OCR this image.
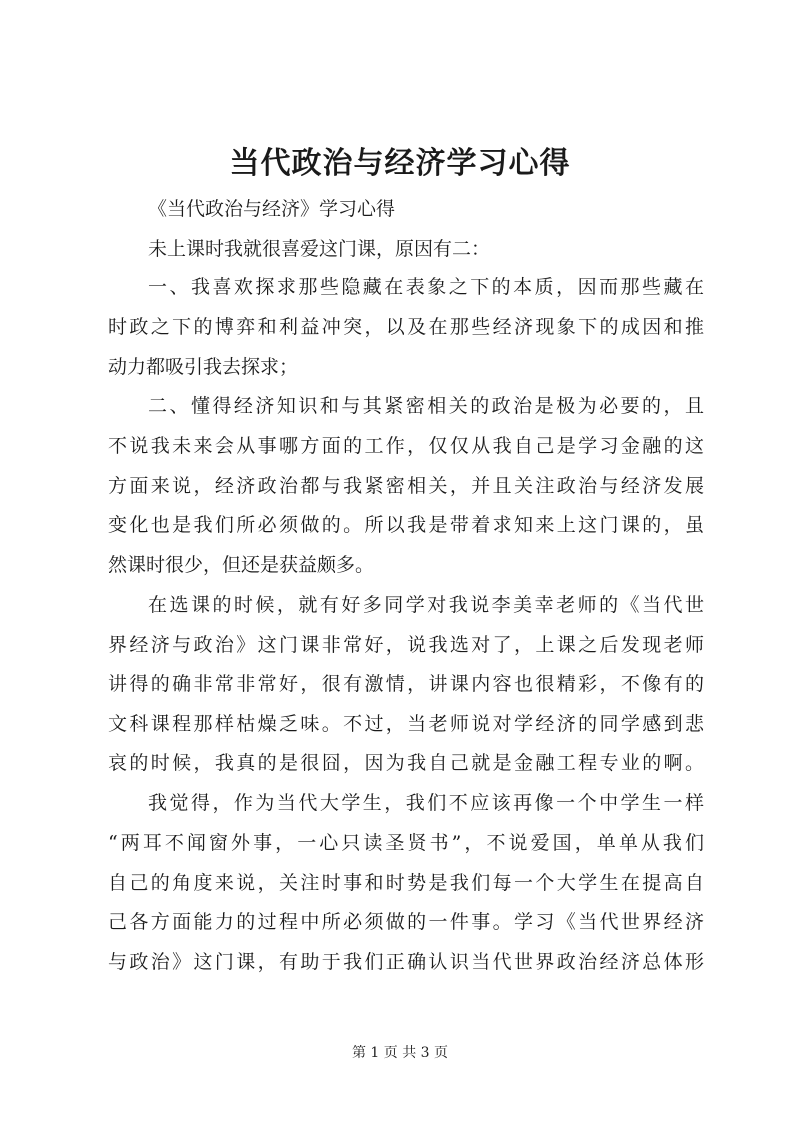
当代政治与经济学习心得
《当代政治与经济》学习心得
未上课时我就很喜爱这门课，原因有二：
一、我喜欢探求那些隐藏在表象之下的本质，因而那些藏在
时政之下的博弈和利益冲突，以及在那些经济现象下的成因和推
动力都吸引我去探求；
二、懂得经济知识和与其紧密相关的政治是极为必要的，且
不说我未来会从事哪方面的工作，仅仅从我自己是学习金融的这
方面来说，经济政治都与我紧密相关，并且关注政治与经济发展
变化也是我们所必须做的。所以我是带着求知来上这门课的，虽
然课时很少，但还是获益颇多。
在选课的时候，就有好多同学对我说李美幸老师的《当代世
界经济与政治》这门课非常好，说我选对了，上课之后发现老师
讲得的确非常非常好，很有激情，讲课内容也很精彩，不像有的
文科课程那样枯燥乏味。不过，当老师说对学经济的同学感到悲
哀的时候，我真的是很囧，因为我自己就是金融工程专业的啊。
我觉得，作为当代大学生，我们不应该再像一个中学生一样
“两耳不闻窗外事，一心只读圣贤书”，不说爱国，单单从我们
自己的角度来说，关注时事和时势是我们每一个大学生在提高自
己各方面能力的过程中所必须做的一件事。学习《当代世界经济
与政治》这门课，有助于我们正确认识当代世界政治经济总体形
第 1 页 共 3 页
